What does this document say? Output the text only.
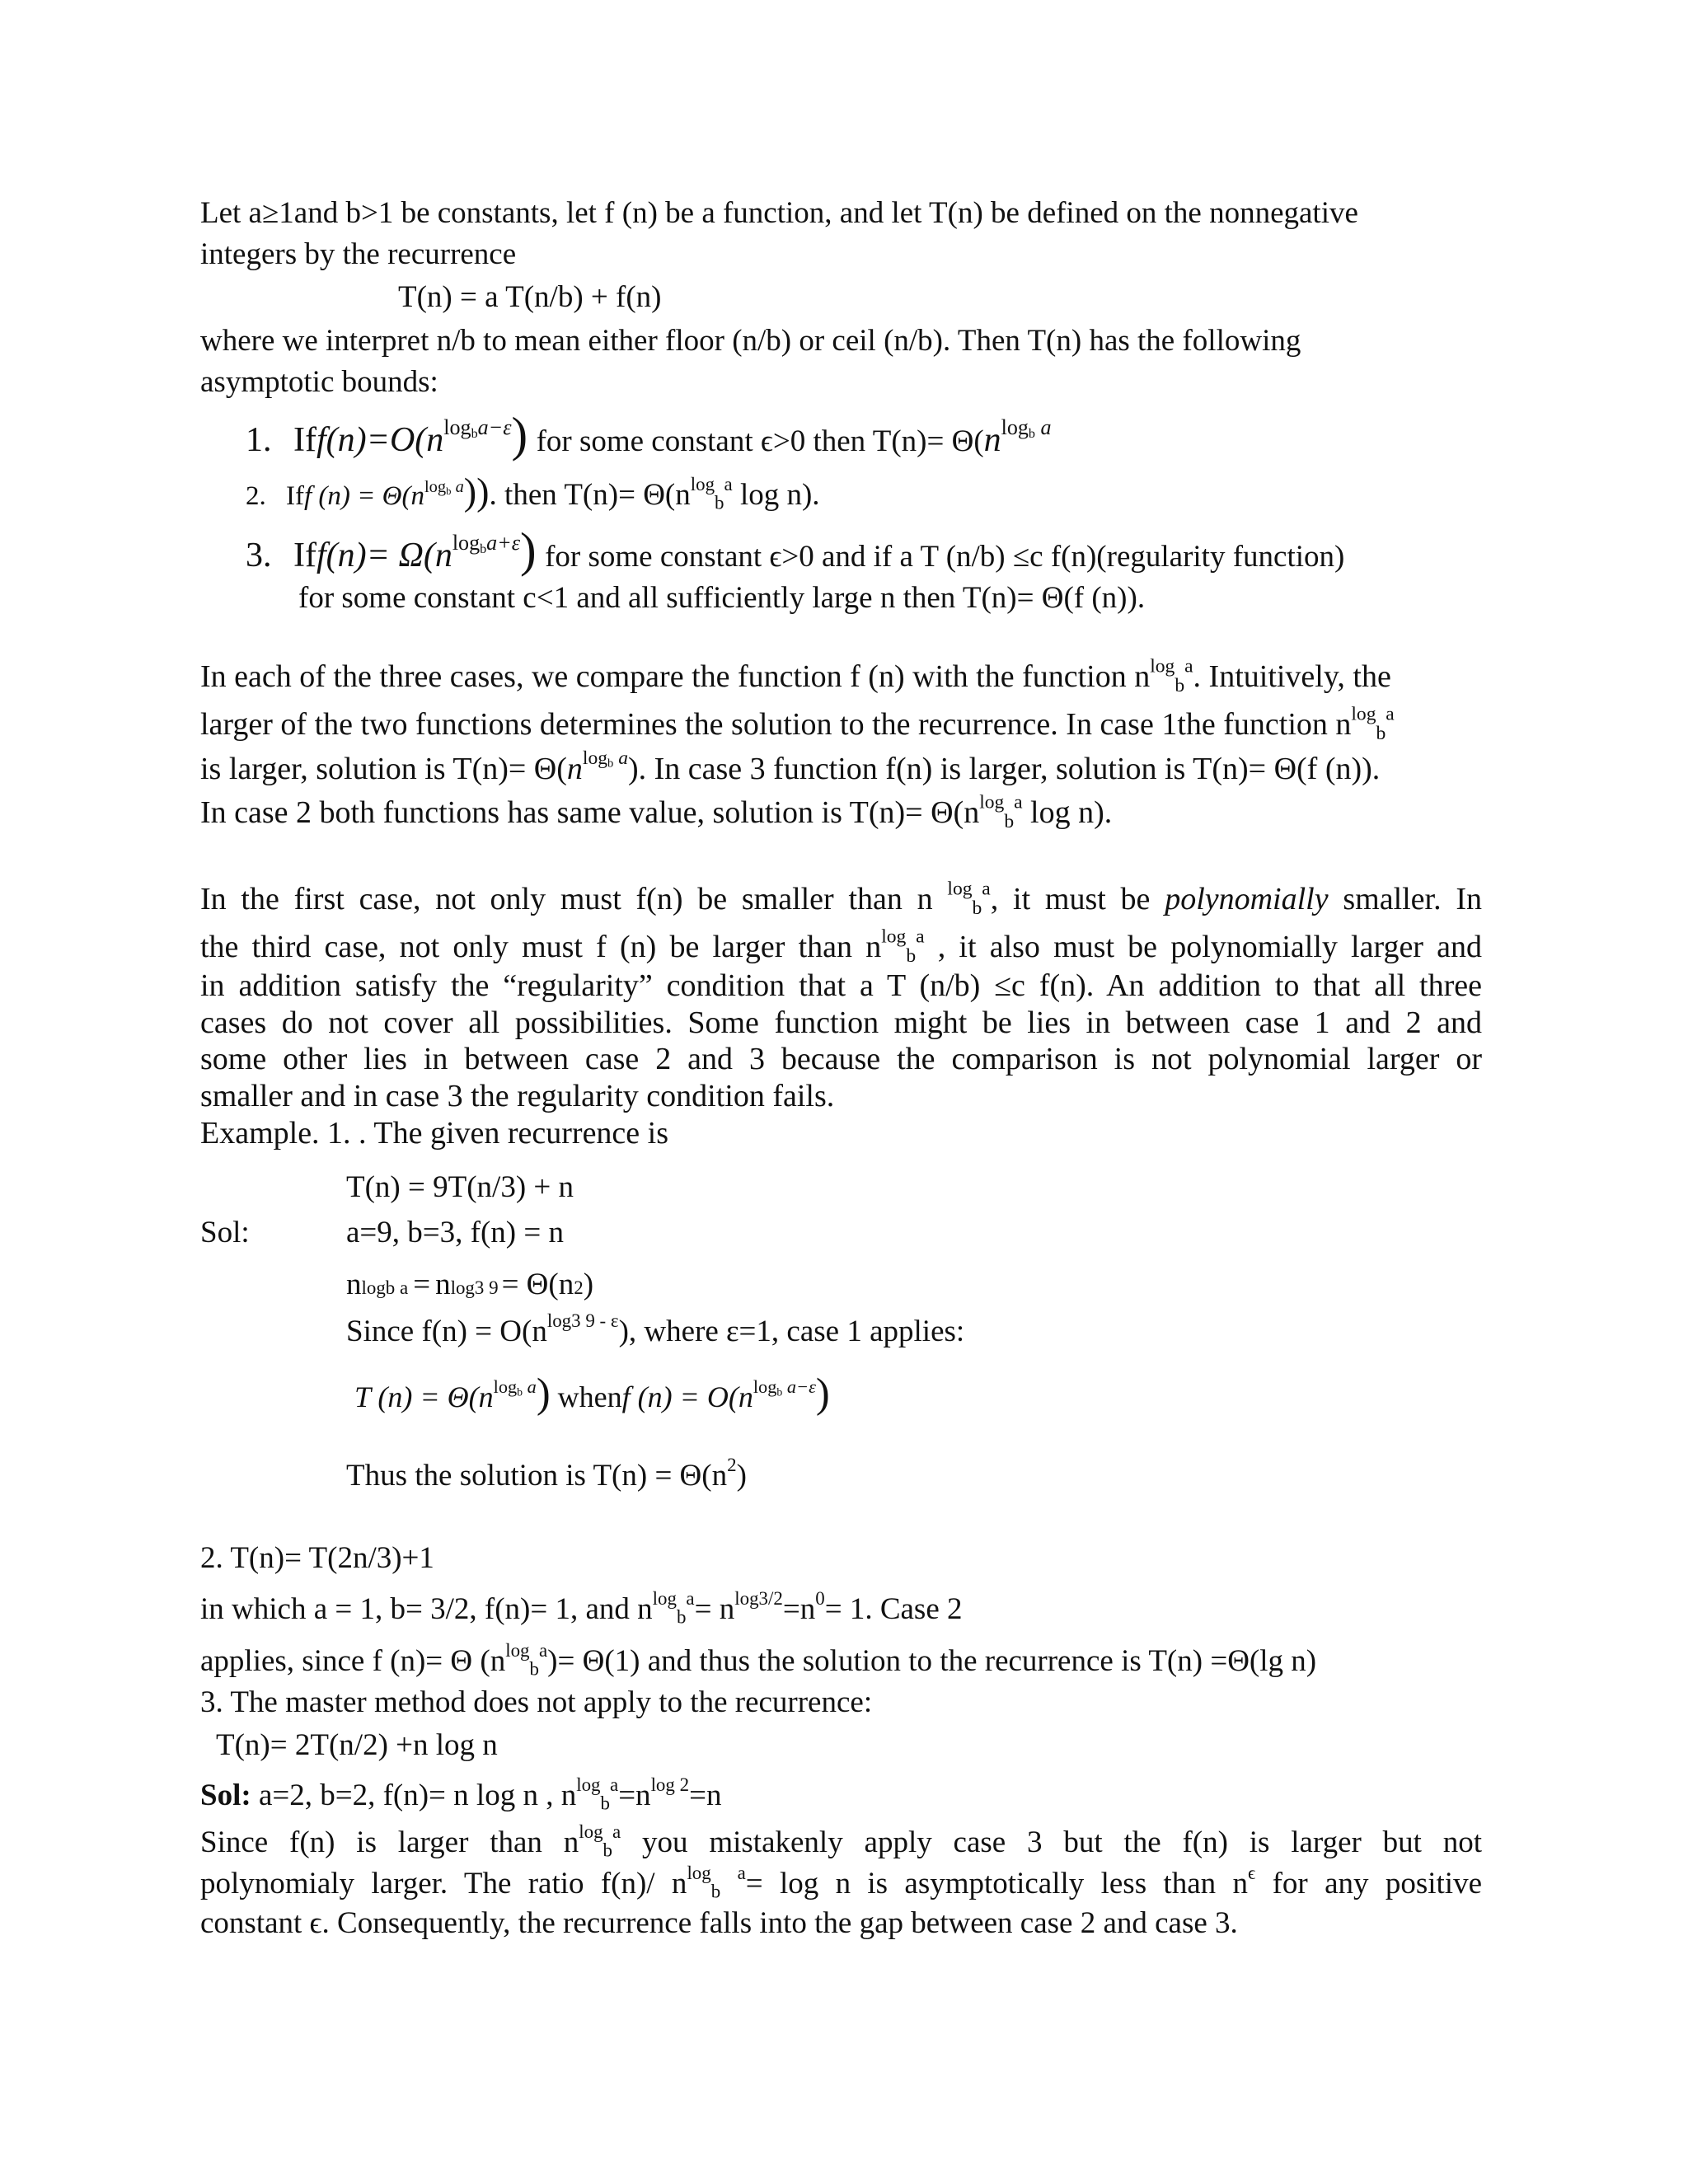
Let a≥1and b>1 be constants, let f (n) be a function, and let T(n) be defined on the nonnegative
integers by the recurrence
T(n) = a T(n/b) + f(n)
where we interpret n/b to mean either floor (n/b) or ceil (n/b). Then T(n) has the following
asymptotic bounds:
1. $Iff(n)=O(n^{log_ba-\varepsilon})$ for some constant ϵ>0 then $T(n)= \Theta(n^{log_b a}$
2. Iff $(n) = \Theta(n^{log_b a})$). then $T(n)= \Theta(n^{log}_b^a$ log n).
3. $Iff(n)= \Omega(n^{log_ba+\varepsilon})$ for some constant ϵ>0 and if a T (n/b) ≤c f(n)(regularity function)
for some constant c<1 and all sufficiently large n then T(n)= Θ(f (n)).
In each of the three cases, we compare the function f (n) with the function $n^{log}_b^a$. Intuitively, the
larger of the two functions determines the solution to the recurrence. In case 1the function $n^{log}_b^a$
is larger, solution is $T(n)= \Theta(n^{log_b a})$. In case 3 function f(n) is larger, solution is T(n)= Θ(f (n)).
In case 2 both functions has same value, solution is $T(n)= \Theta(n^{log}_b^a$ log n).
In the first case, not only must f(n) be smaller than n $^{log}_b^a$, it must be polynomially smaller. In
the third case, not only must f (n) be larger than $n^{log}_b^a$ , it also must be polynomially larger and
in addition satisfy the “regularity” condition that a T (n/b) ≤c f(n). An addition to that all three
cases do not cover all possibilities. Some function might be lies in between case 1 and 2 and
some other lies in between case 2 and 3 because the comparison is not polynomial larger or
smaller and in case 3 the regularity condition fails.
Example. 1. . The given recurrence is
T(n) = 9T(n/3) + n
Sol:	a=9, b=3, f(n) = n
nlogb a = nlog3 9 = Θ(n2)
Since $f(n) = O(n^{log3 9 - \varepsilon})$, where ε=1, case 1 applies:
T $(n) = \Theta(n^{log_b a})$ whenf $(n) = O(n^{log_b a-\varepsilon})$
Thus the solution is $T(n) = \Theta(n^2)$
2. T(n)= T(2n/3)+1
in which a = 1, b= 3/2, f(n)= 1, and $n^{log}_b^a= n^{log3/2}=n^0= 1$. Case 2
applies, since f (n)= Θ $(n^{log}_b^a)= \Theta(1)$ and thus the solution to the recurrence is T(n) =Θ(lg n)
3. The master method does not apply to the recurrence:
T(n)= 2T(n/2) +n log n
Sol: a=2, b=2, f(n)= n log n , $n^{log}_b^a=n^{log 2}=n$
Since f(n) is larger than $n^{log}_b^a$ you mistakenly apply case 3 but the f(n) is larger but not
polynomialy larger. The ratio f(n)/ $n^{log}_b$ $^a$= log n is asymptotically less than $n^\epsilon$ for any positive
constant ϵ. Consequently, the recurrence falls into the gap between case 2 and case 3.
